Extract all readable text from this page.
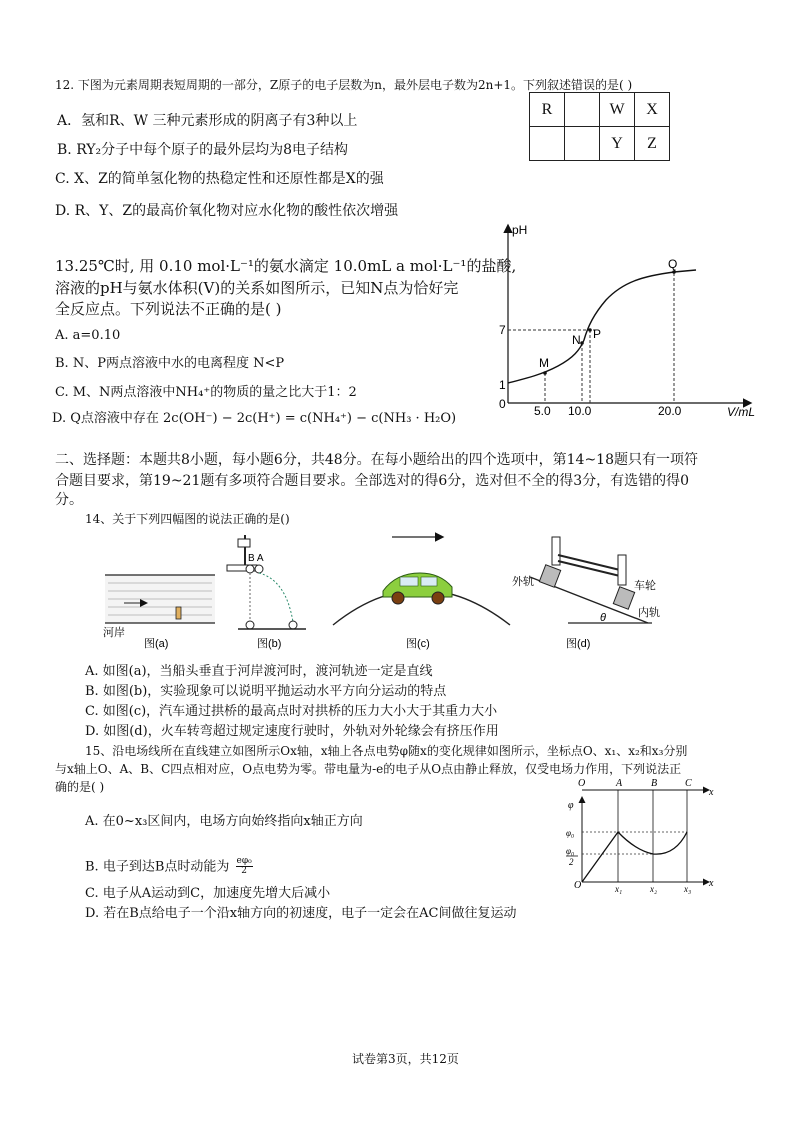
12. 下图为元素周期表短周期的一部分，Z原子的电子层数为n，最外层电子数为2n+1。下列叙述错误的是( )
A．氢和R、W 三种元素形成的阴离子有3种以上
B. RY₂分子中每个原子的最外层均为8电子结构
C. X、Z的简单氢化物的热稳定性和还原性都是X的强
D. R、Y、Z的最高价氧化物对应水化物的酸性依次增强
R		W	X
		Y	Z
13.25℃时, 用 0.10 mol·L⁻¹的氨水滴定 10.0mL a mol·L⁻¹的盐酸,
溶液的pH与氨水体积(V)的关系如图所示，已知N点为恰好完
全反应点。下列说法不正确的是( )
A. a=0.10
B. N、P两点溶液中水的电离程度 N<P
C. M、N两点溶液中NH₄⁺的物质的量之比大于1：2
D. Q点溶液中存在 2c(OH⁻) − 2c(H⁺) = c(NH₄⁺) − c(NH₃ · H₂O)
pH
V/mL
0
1
7
5.0 10.0	20.0
M
N P
Q
二、选择题：本题共8小题，每小题6分，共48分。在每小题给出的四个选项中，第14~18题只有一项符
合题目要求，第19~21题有多项符合题目要求。全部选对的得6分，选对但不全的得3分，有选错的得0
分。
14、关于下列四幅图的说法正确的是()
河岸
图(a)
B A
图(b)	图(c)
外轨	车轮
内轨
θ
图(d)
A. 如图(a)，当船头垂直于河岸渡河时，渡河轨迹一定是直线
B. 如图(b)，实验现象可以说明平抛运动水平方向分运动的特点
C. 如图(c)，汽车通过拱桥的最高点时对拱桥的压力大小大于其重力大小
D. 如图(d)，火车转弯超过规定速度行驶时，外轨对外轮缘会有挤压作用
15、沿电场线所在直线建立如图所示Ox轴，x轴上各点电势φ随x的变化规律如图所示，坐标点O、x₁、x₂和x₃分别
与x轴上O、A、B、C四点相对应，O点电势为零。带电量为-e的电子从O点由静止释放，仅受电场力作用，下列说法正
确的是( )
A. 在0~x₃区间内，电场方向始终指向x轴正方向
B. 电子到达B点时动能为 $\frac{\text{eφ₀}}{2}$
C. 电子从A运动到C，加速度先增大后减小
D. 若在B点给电子一个沿x轴方向的初速度，电子一定会在AC间做往复运动
O	A	B	C
x
φ
φ₀
φ₀
2
O	x₁	x₂	x₃ x
试卷第3页，共12页
